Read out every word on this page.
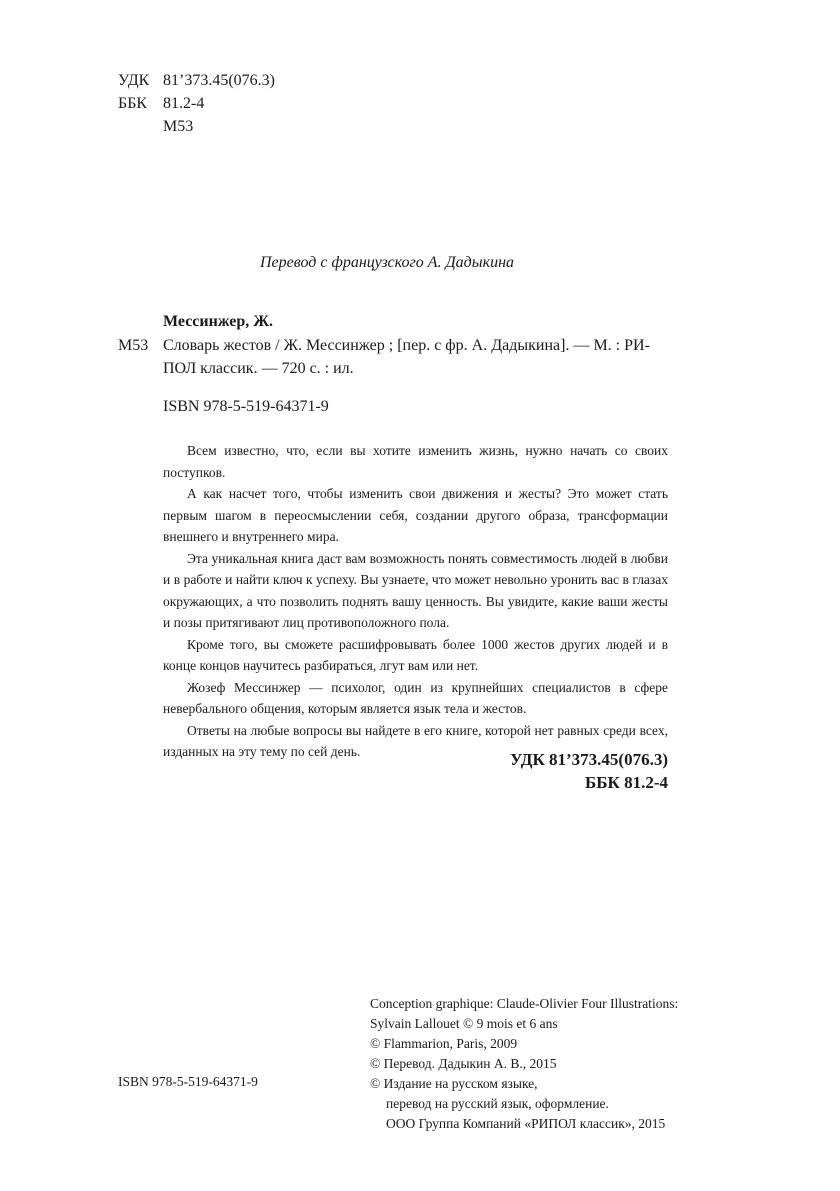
УДК 81’373.45(076.3)
ББК 81.2-4
М53
Перевод с французского А. Дадыкина
Мессинжер, Ж.
М53 Словарь жестов / Ж. Мессинжер ; [пер. с фр. А. Дадыкина]. — М. : РИ-
ПОЛ классик. — 720 с. : ил.
ISBN 978-5-519-64371-9

Всем известно, что, если вы хотите изменить жизнь, нужно начать со своих поступков.

А как насчет того, чтобы изменить свои движения и жесты? Это может стать первым шагом в переосмыслении себя, создании другого образа, трансформации внешнего и внутреннего мира.

Эта уникальная книга даст вам возможность понять совместимость людей в любви и в работе и найти ключ к успеху. Вы узнаете, что может невольно уронить вас в глазах окружающих, а что позволить поднять вашу ценность. Вы увидите, какие ваши жесты и позы притягивают лиц противоположного пола.

Кроме того, вы сможете расшифровывать более 1000 жестов других людей и в конце концов научитесь разбираться, лгут вам или нет.

Жозеф Мессинжер — психолог, один из крупнейших специалистов в сфере невербального общения, которым является язык тела и жестов.

Ответы на любые вопросы вы найдете в его книге, которой нет равных среди всех, изданных на эту тему по сей день.	УДК 81’373.45(076.3)
ББК 81.2-4
Conception graphique: Claude-Olivier Four Illustrations:
Sylvain Lallouet © 9 mois et 6 ans
© Flammarion, Paris, 2009
© Перевод. Дадыкин А. В., 2015
© Издание на русском языке,
перевод на русский язык, оформление.
ООО Группа Компаний «РИПОЛ классик», 2015
ISBN 978-5-519-64371-9
